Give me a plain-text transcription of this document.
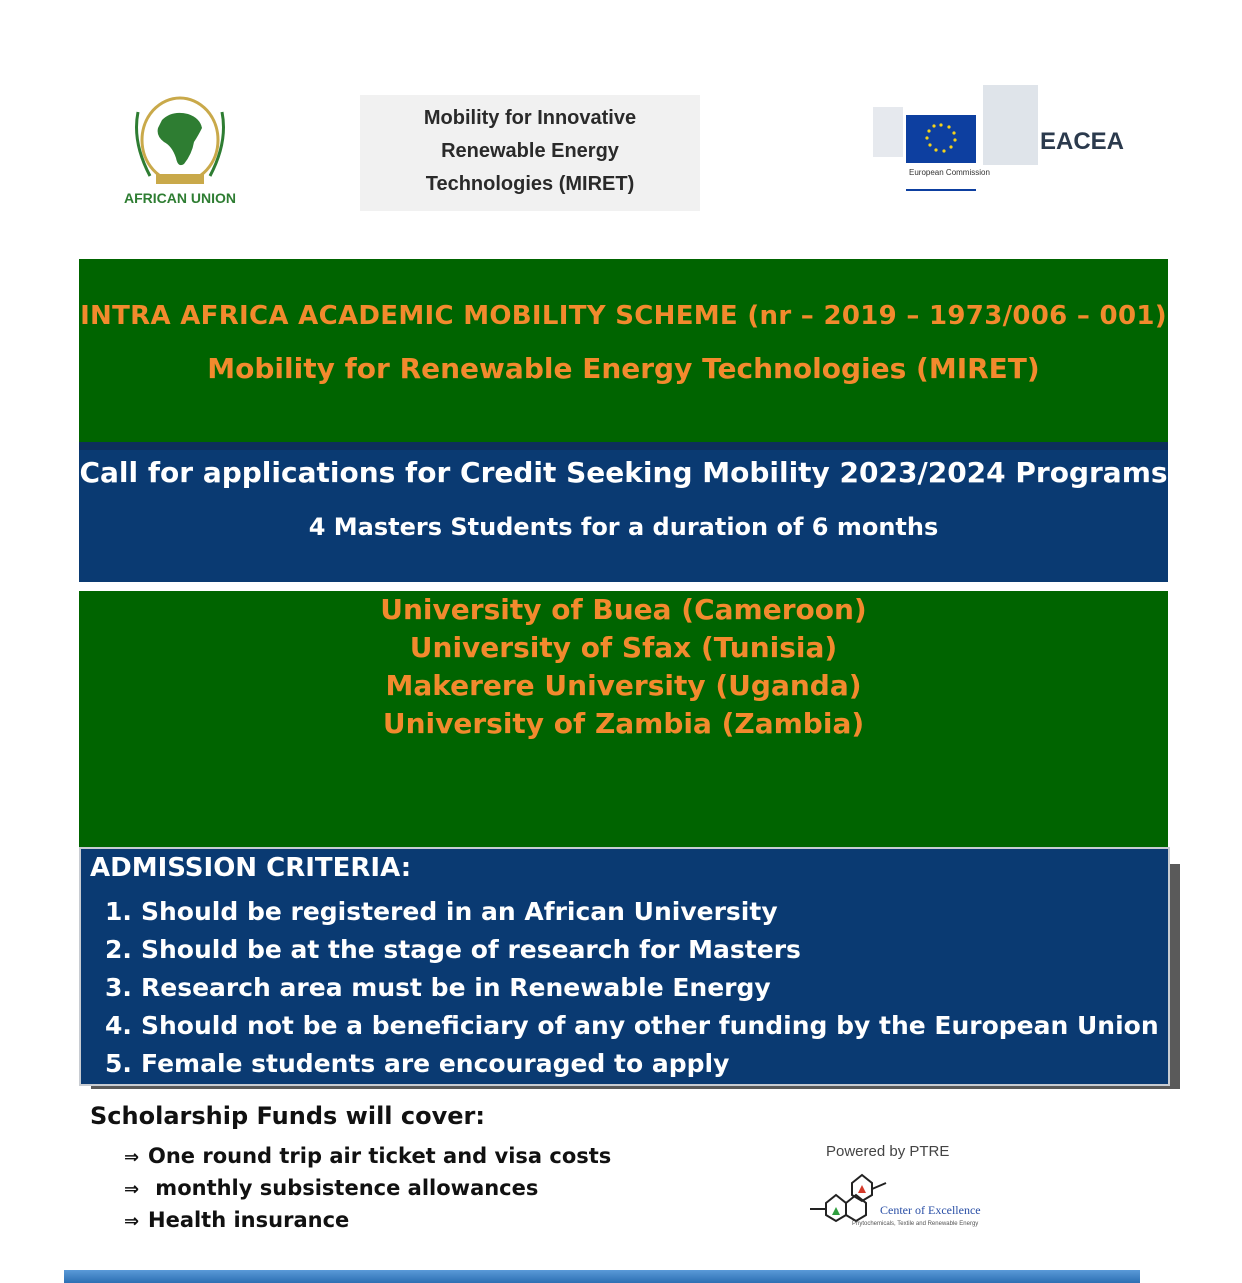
AFRICAN UNION
Mobility for Innovative
Renewable Energy
Technologies (MIRET)
European Commission
EACEA
INTRA AFRICA ACADEMIC MOBILITY SCHEME (nr – 2019 – 1973/006 – 001)
Mobility for Renewable Energy Technologies (MIRET)
Call for applications for Credit Seeking Mobility 2023/2024 Programs
4 Masters Students for a duration of 6 months
University of Buea (Cameroon)
University of Sfax (Tunisia)
Makerere University (Uganda)
University of Zambia (Zambia)
ADMISSION CRITERIA:
1. Should be registered in an African University
2. Should be at the stage of research for Masters
3. Research area must be in Renewable Energy
4. Should not be a beneficiary of any other funding by the European Union
5. Female students are encouraged to apply
Scholarship Funds will cover:
⇒ One round trip air ticket and visa costs
⇒ monthly subsistence allowances
⇒ Health insurance
Powered by PTRE
Center of Excellence
Phytochemicals, Textile and Renewable Energy
